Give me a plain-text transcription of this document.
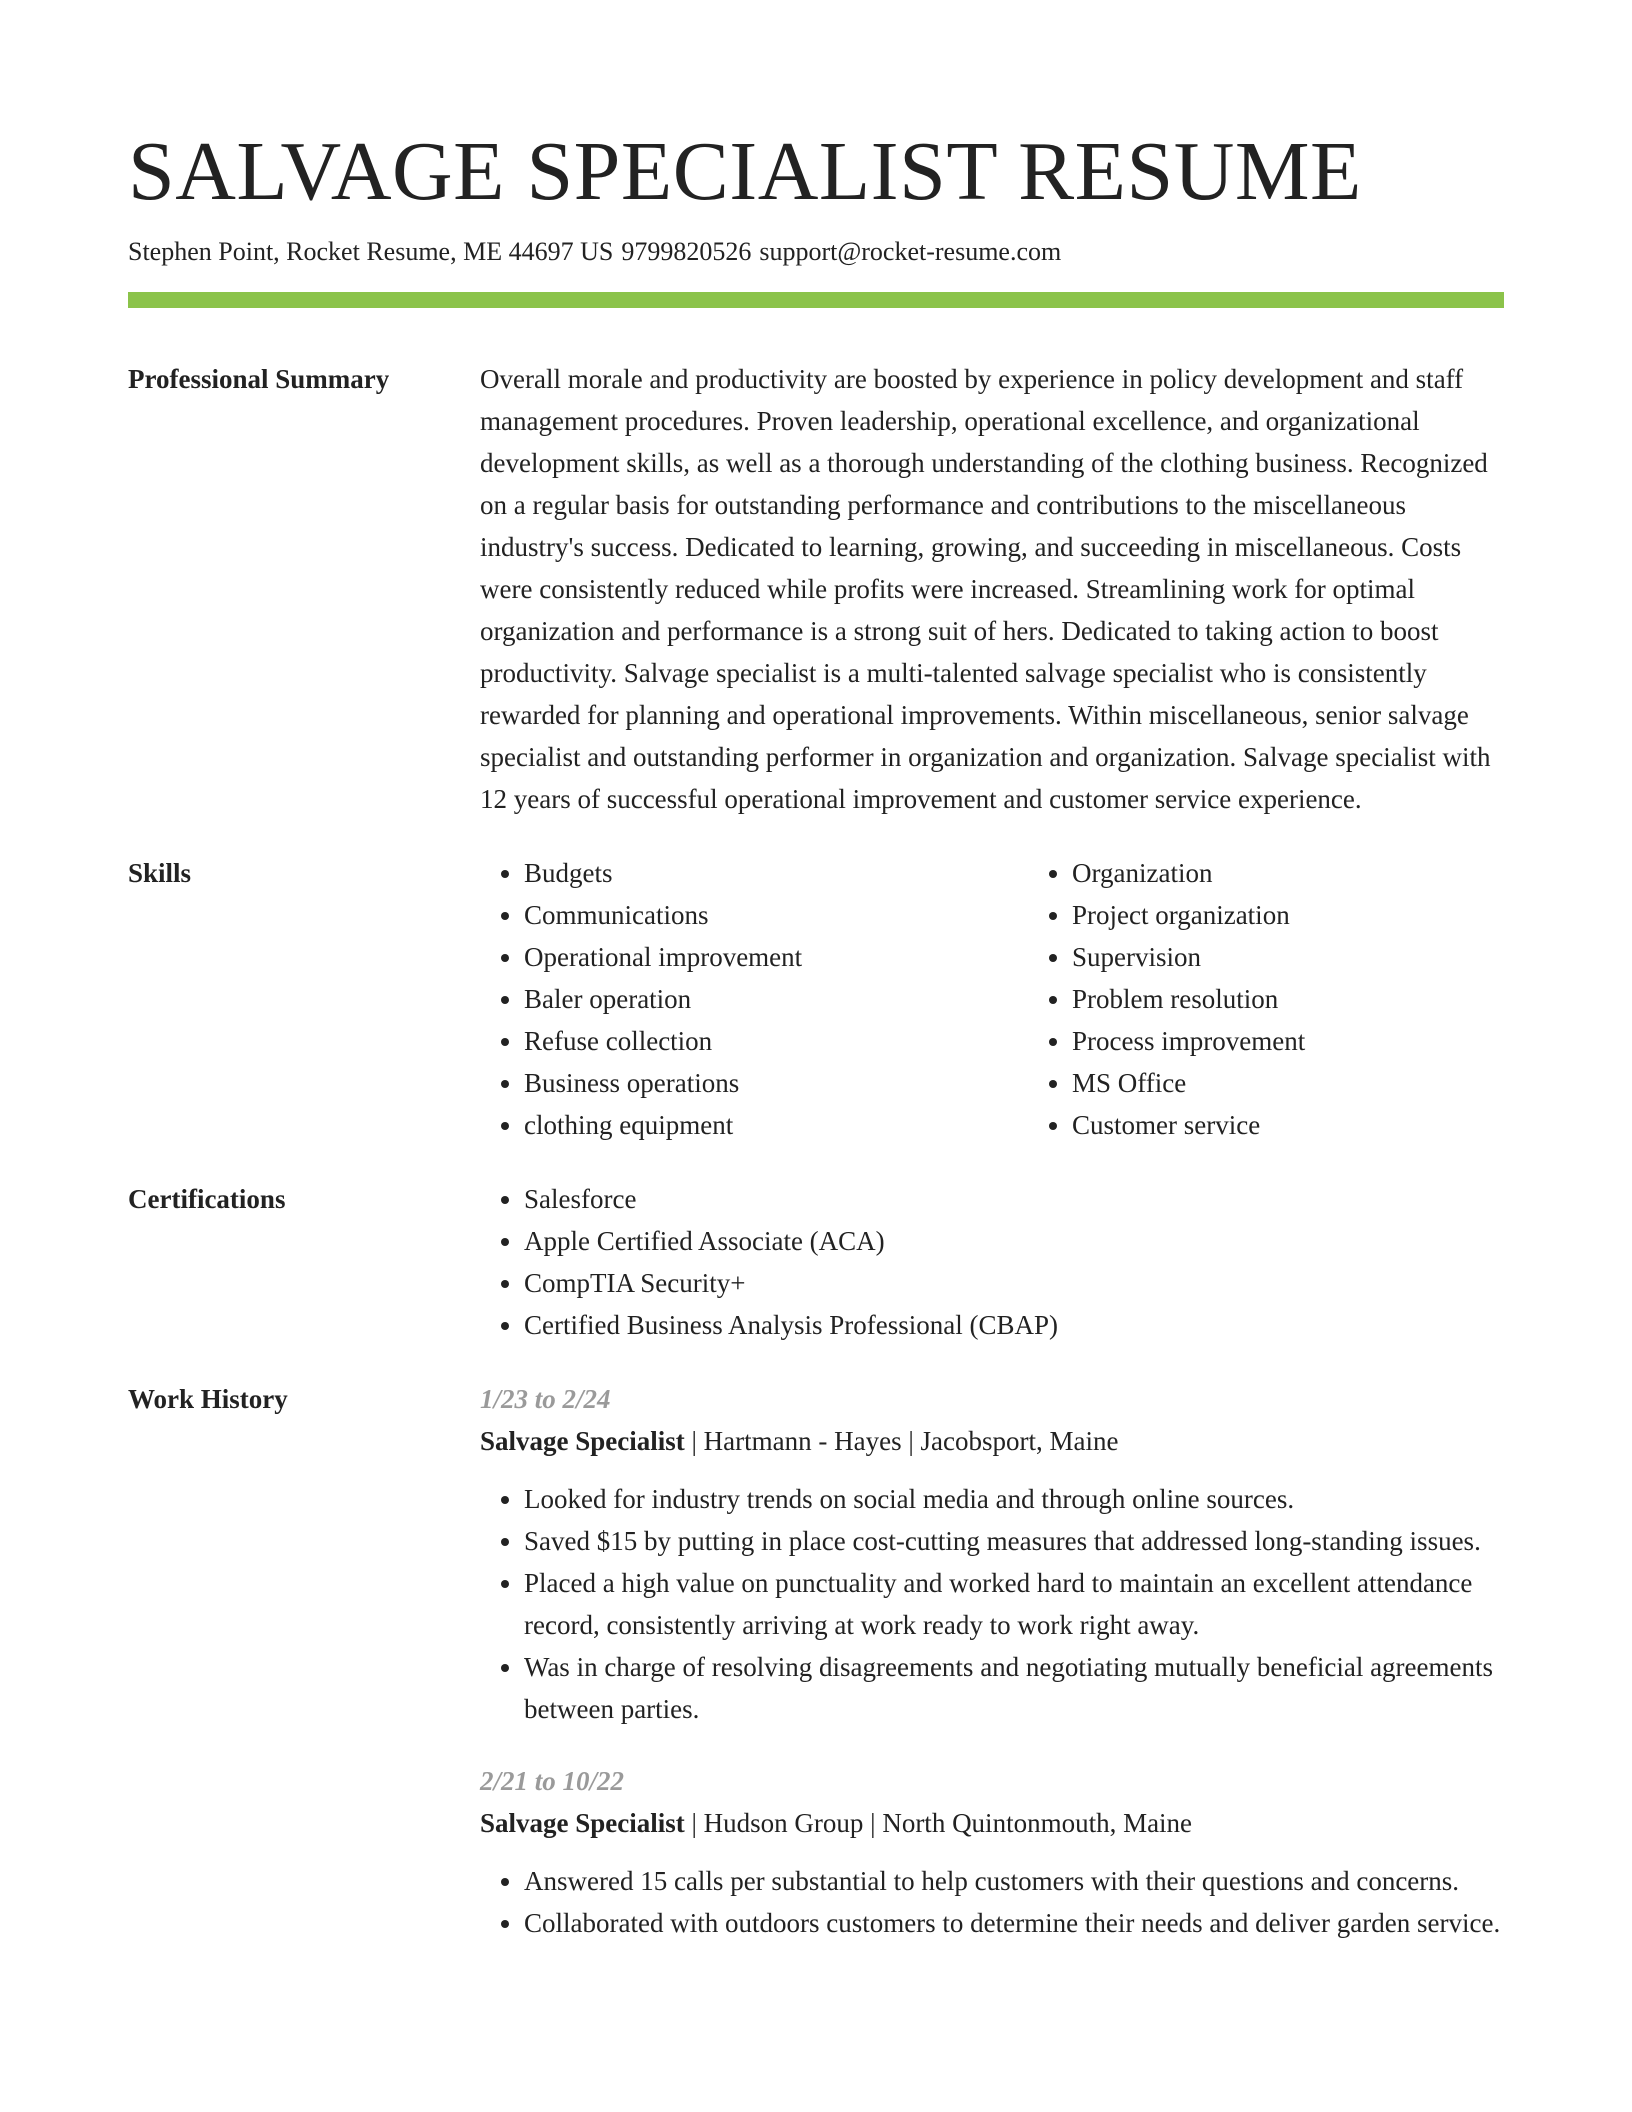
SALVAGE SPECIALIST RESUME
Stephen Point, Rocket Resume, ME 44697 US 9799820526 support@rocket-resume.com
Professional Summary	Overall morale and productivity are boosted by experience in policy development and staff management procedures. Proven leadership, operational excellence, and organizational development skills, as well as a thorough understanding of the clothing business. Recognized on a regular basis for outstanding performance and contributions to the miscellaneous industry's success. Dedicated to learning, growing, and succeeding in miscellaneous. Costs were consistently reduced while profits were increased. Streamlining work for optimal organization and performance is a strong suit of hers. Dedicated to taking action to boost productivity. Salvage specialist is a multi-talented salvage specialist who is consistently rewarded for planning and operational improvements. Within miscellaneous, senior salvage specialist and outstanding performer in organization and organization. Salvage specialist with 12 years of successful operational improvement and customer service experience.

Skills	• Budgets
• Communications
• Operational improvement
• Baler operation
• Refuse collection
• Business operations
• clothing equipment
• Organization
• Project organization
• Supervision
• Problem resolution
• Process improvement
• MS Office
• Customer service
Certifications	• Salesforce
• Apple Certified Associate (ACA)
• CompTIA Security+
• Certified Business Analysis Professional (CBAP)
Work History	1/23 to 2/24
Salvage Specialist | Hartmann - Hayes | Jacobsport, Maine
• Looked for industry trends on social media and through online sources.
• Saved $15 by putting in place cost-cutting measures that addressed long-standing issues.
• Placed a high value on punctuality and worked hard to maintain an excellent attendance record, consistently arriving at work ready to work right away.
• Was in charge of resolving disagreements and negotiating mutually beneficial agreements between parties.
2/21 to 10/22
Salvage Specialist | Hudson Group | North Quintonmouth, Maine
• Answered 15 calls per substantial to help customers with their questions and concerns.
• Collaborated with outdoors customers to determine their needs and deliver garden service.
